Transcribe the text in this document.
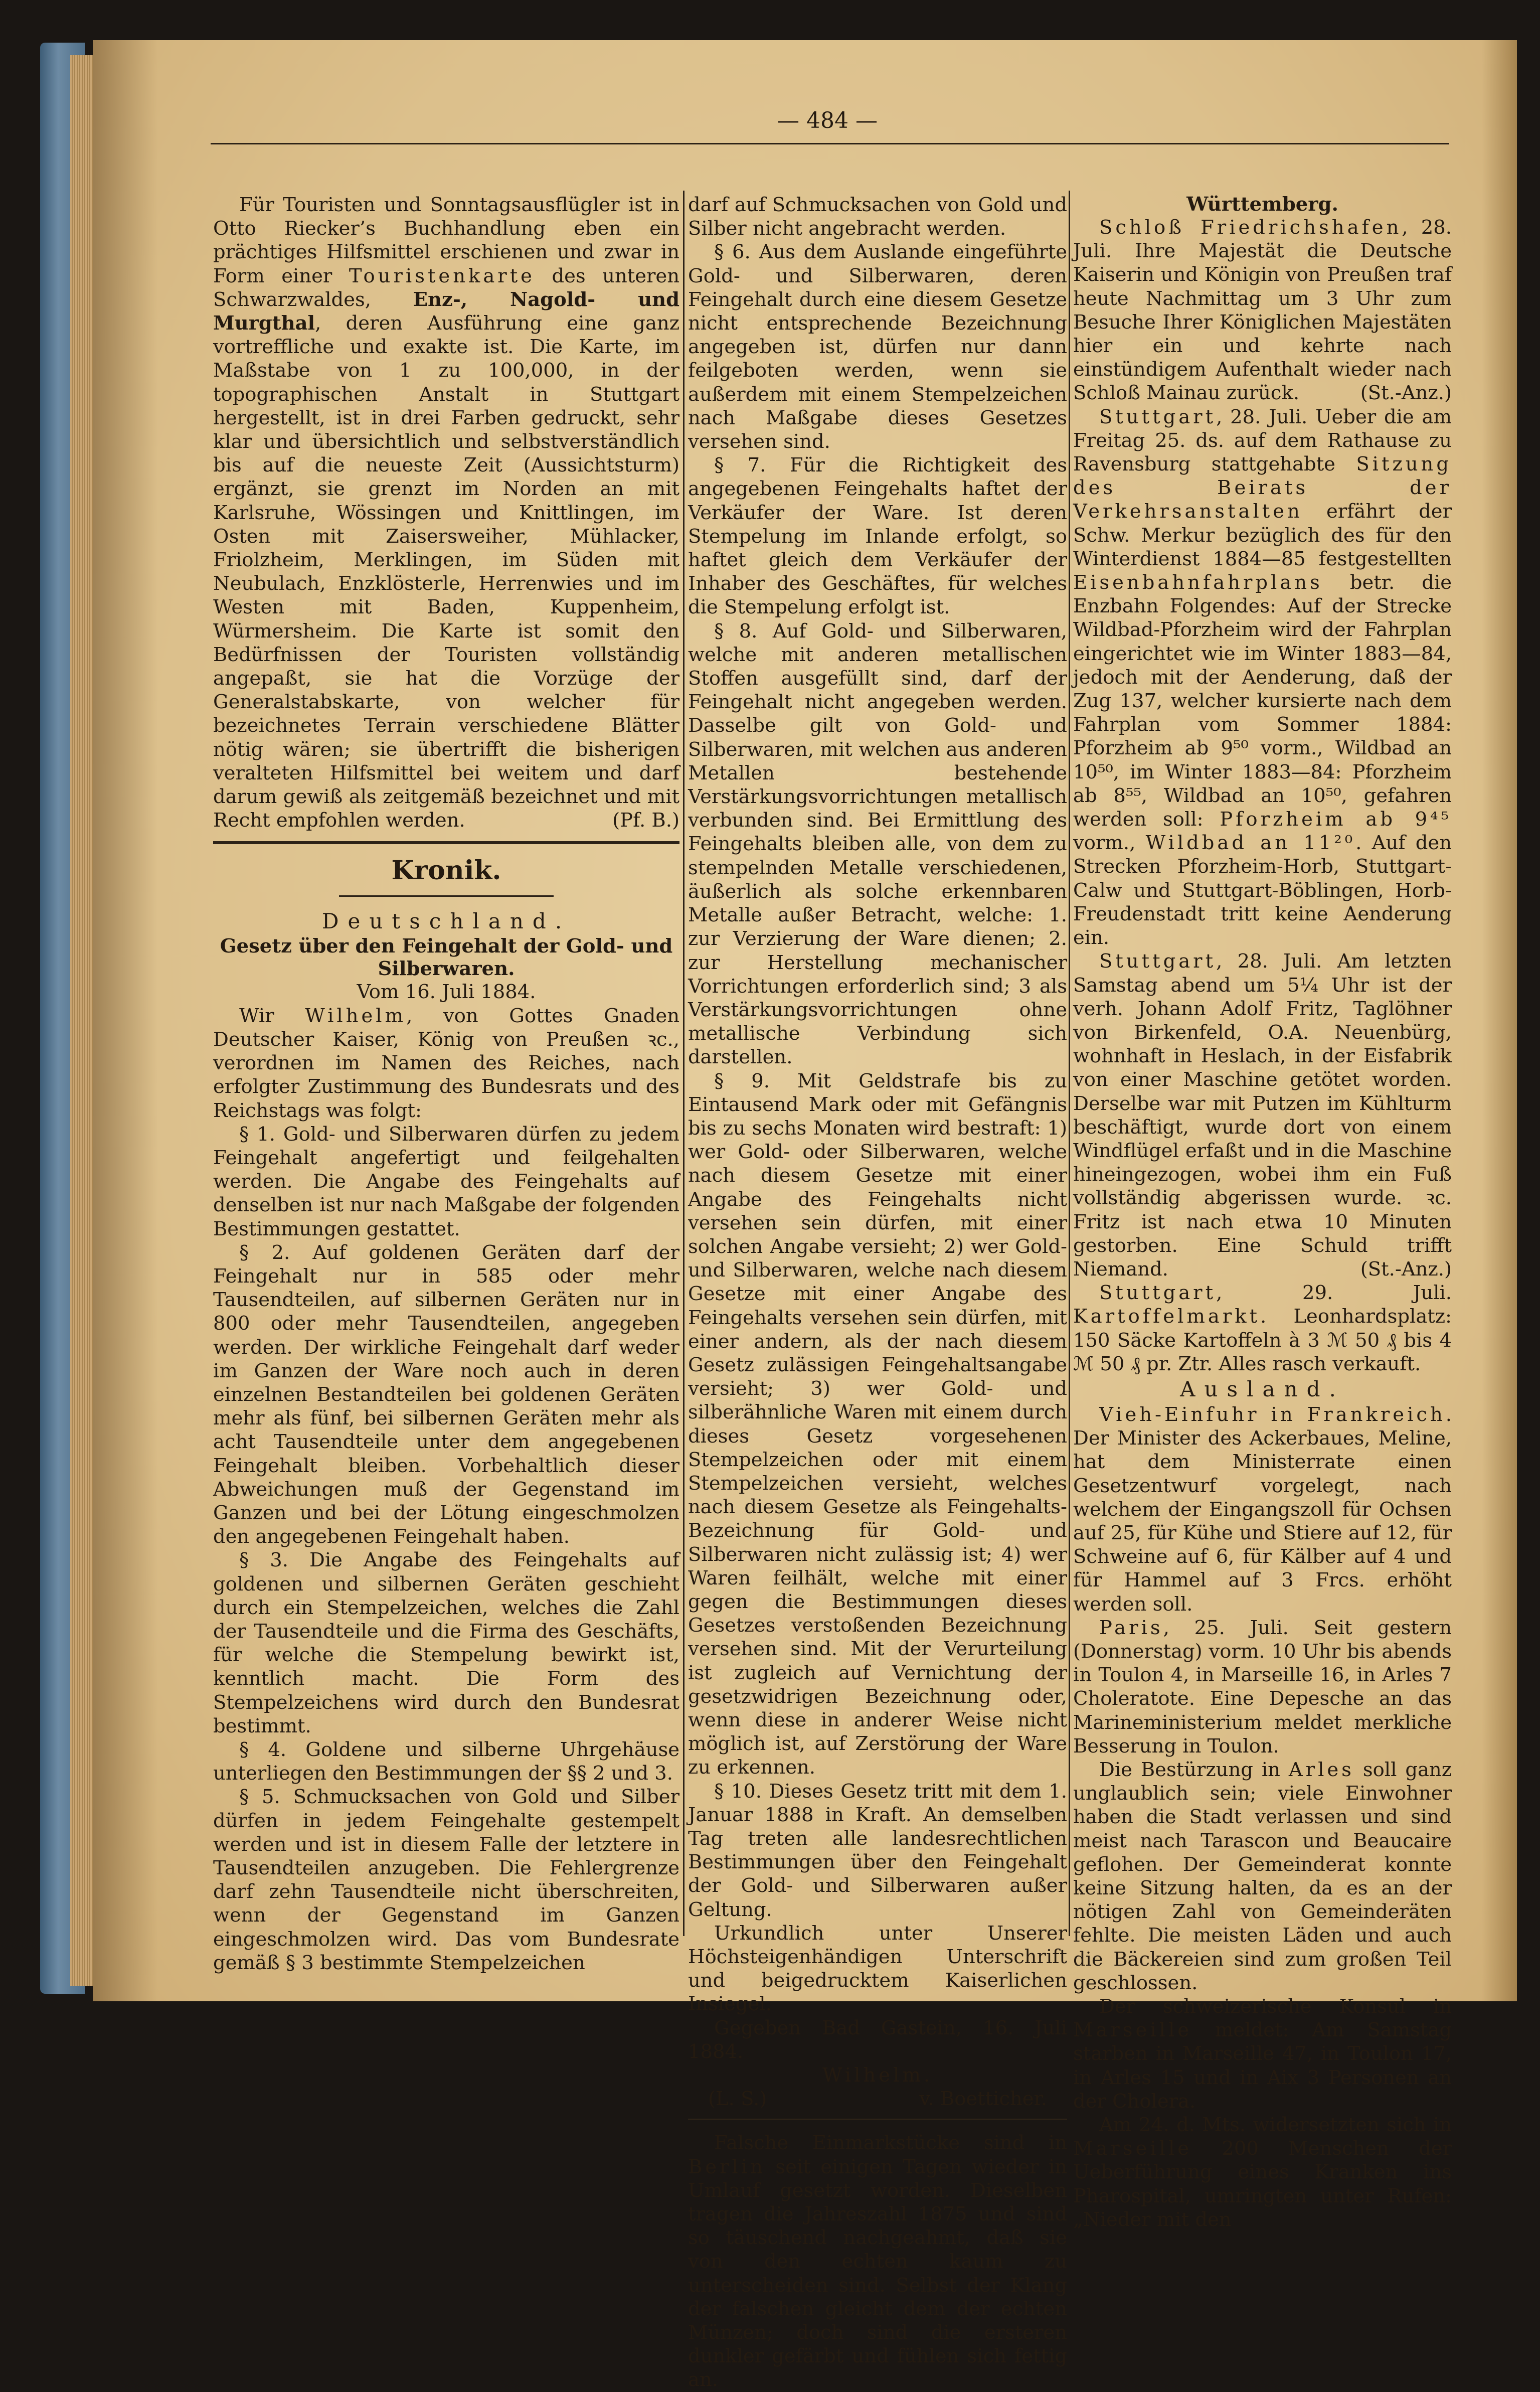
— 484 —

Für Touristen und Sonntagsausflügler ist in Otto Riecker’s Buchhandlung eben ein prächtiges Hilfsmittel erschienen und zwar in Form einer Touristenkarte des unteren Schwarzwaldes, Enz-, Nagold- und Murgthal, deren Ausführung eine ganz vortreffliche und exakte ist. Die Karte, im Maßstabe von 1 zu 100,000, in der topographischen Anstalt in Stuttgart hergestellt, ist in drei Farben gedruckt, sehr klar und übersichtlich und selbstverständlich bis auf die neueste Zeit (Aussichtsturm) ergänzt, sie grenzt im Norden an mit Karlsruhe, Wössingen und Knittlingen, im Osten mit Zaisersweiher, Mühlacker, Friolzheim, Merklingen, im Süden mit Neubulach, Enzklösterle, Herrenwies und im Westen mit Baden, Kuppenheim, Würmersheim. Die Karte ist somit den Bedürfnissen der Touristen vollständig angepaßt, sie hat die Vorzüge der Generalstabskarte, von welcher für bezeichnetes Terrain verschiedene Blätter nötig wären; sie übertrifft die bisherigen veralteten Hilfsmittel bei weitem und darf darum gewiß als zeitgemäß bezeichnet und mit Recht empfohlen werden.	(Pf. B.)

Kronik.
Deutschland.
Gesetz über den Feingehalt der Gold- und Silberwaren.
Vom 16. Juli 1884.

Wir Wilhelm, von Gottes Gnaden Deutscher Kaiser, König von Preußen ꝛc., verordnen im Namen des Reiches, nach erfolgter Zustimmung des Bundesrats und des Reichstags was folgt:

§ 1. Gold- und Silberwaren dürfen zu jedem Feingehalt angefertigt und feilgehalten werden. Die Angabe des Feingehalts auf denselben ist nur nach Maßgabe der folgenden Bestimmungen gestattet.

§ 2. Auf goldenen Geräten darf der Feingehalt nur in 585 oder mehr Tausendteilen, auf silbernen Geräten nur in 800 oder mehr Tausendteilen, angegeben werden. Der wirkliche Feingehalt darf weder im Ganzen der Ware noch auch in deren einzelnen Bestandteilen bei goldenen Geräten mehr als fünf, bei silbernen Geräten mehr als acht Tausendteile unter dem angegebenen Feingehalt bleiben. Vorbehaltlich dieser Abweichungen muß der Gegenstand im Ganzen und bei der Lötung eingeschmolzen den angegebenen Feingehalt haben.

§ 3. Die Angabe des Feingehalts auf goldenen und silbernen Geräten geschieht durch ein Stempelzeichen, welches die Zahl der Tausendteile und die Firma des Geschäfts, für welche die Stempelung bewirkt ist, kenntlich macht. Die Form des Stempelzeichens wird durch den Bundesrat bestimmt.

§ 4. Goldene und silberne Uhrgehäuse unterliegen den Bestimmungen der §§ 2 und 3.

§ 5. Schmucksachen von Gold und Silber dürfen in jedem Feingehalte gestempelt werden und ist in diesem Falle der letztere in Tausendteilen anzugeben. Die Fehlergrenze darf zehn Tausendteile nicht überschreiten, wenn der Gegenstand im Ganzen eingeschmolzen wird. Das vom Bundesrate gemäß § 3 bestimmte Stempelzeichen

darf auf Schmucksachen von Gold und Silber nicht angebracht werden.

§ 6. Aus dem Auslande eingeführte Gold- und Silberwaren, deren Feingehalt durch eine diesem Gesetze nicht entsprechende Bezeichnung angegeben ist, dürfen nur dann feilgeboten werden, wenn sie außerdem mit einem Stempelzeichen nach Maßgabe dieses Gesetzes versehen sind.

§ 7. Für die Richtigkeit des angegebenen Feingehalts haftet der Verkäufer der Ware. Ist deren Stempelung im Inlande erfolgt, so haftet gleich dem Verkäufer der Inhaber des Geschäftes, für welches die Stempelung erfolgt ist.

§ 8. Auf Gold- und Silberwaren, welche mit anderen metallischen Stoffen ausgefüllt sind, darf der Feingehalt nicht angegeben werden. Dasselbe gilt von Gold- und Silberwaren, mit welchen aus anderen Metallen bestehende Verstärkungsvorrichtungen metallisch verbunden sind. Bei Ermittlung des Feingehalts bleiben alle, von dem zu stempelnden Metalle verschiedenen, äußerlich als solche erkennbaren Metalle außer Betracht, welche: 1. zur Verzierung der Ware dienen; 2. zur Herstellung mechanischer Vorrichtungen erforderlich sind; 3 als Verstärkungsvorrichtungen ohne metallische Verbindung sich darstellen.

§ 9. Mit Geldstrafe bis zu Eintausend Mark oder mit Gefängnis bis zu sechs Monaten wird bestraft: 1) wer Gold- oder Silberwaren, welche nach diesem Gesetze mit einer Angabe des Feingehalts nicht versehen sein dürfen, mit einer solchen Angabe versieht; 2) wer Gold- und Silberwaren, welche nach diesem Gesetze mit einer Angabe des Feingehalts versehen sein dürfen, mit einer andern, als der nach diesem Gesetz zulässigen Feingehaltsangabe versieht; 3) wer Gold- und silberähnliche Waren mit einem durch dieses Gesetz vorgesehenen Stempelzeichen oder mit einem Stempelzeichen versieht, welches nach diesem Gesetze als Feingehalts-Bezeichnung für Gold- und Silberwaren nicht zulässig ist; 4) wer Waren feilhält, welche mit einer gegen die Bestimmungen dieses Gesetzes verstoßenden Bezeichnung versehen sind. Mit der Verurteilung ist zugleich auf Vernichtung der gesetzwidrigen Bezeichnung oder, wenn diese in anderer Weise nicht möglich ist, auf Zerstörung der Ware zu erkennen.

§ 10. Dieses Gesetz tritt mit dem 1. Januar 1888 in Kraft. An demselben Tag treten alle landesrechtlichen Bestimmungen über den Feingehalt der Gold- und Silberwaren außer Geltung.

Urkundlich unter Unserer Höchsteigenhändigen Unterschrift und beigedrucktem Kaiserlichen Insiegel.

Gegeben Bad Gastein, 16. Juli 1884.

Wilhelm.
(L. S.)	v. Boetticher.

Falsche Einmarkstücke sind in Berlin seit einigen Tagen wieder in Umlauf gesetzt worden. Dieselben tragen die Jahreszahl 1875 und sind so täuschend nachgeahmt, daß sie von den echten kaum zu unterscheiden sind. Selbst der Klang der falschen gleicht dem der echten Münzen; doch sind die ersteren dunkler gefärbt und fühlen sich fettig an.

Württemberg.

Schloß Friedrichshafen, 28. Juli. Ihre Majestät die Deutsche Kaiserin und Königin von Preußen traf heute Nachmittag um 3 Uhr zum Besuche Ihrer Königlichen Majestäten hier ein und kehrte nach einstündigem Aufenthalt wieder nach Schloß Mainau zurück.	(St.-Anz.)

Stuttgart, 28. Juli. Ueber die am Freitag 25. ds. auf dem Rathause zu Ravensburg stattgehabte Sitzung des Beirats der Verkehrsanstalten erfährt der Schw. Merkur bezüglich des für den Winterdienst 1884—85 festgestellten Eisenbahnfahrplans betr. die Enzbahn Folgendes: Auf der Strecke Wildbad-Pforzheim wird der Fahrplan eingerichtet wie im Winter 1883—84, jedoch mit der Aenderung, daß der Zug 137, welcher kursierte nach dem Fahrplan vom Sommer 1884: Pforzheim ab 9⁵⁰ vorm., Wildbad an 10⁵⁰, im Winter 1883—84: Pforzheim ab 8⁵⁵, Wildbad an 10⁵⁰, gefahren werden soll: Pforzheim ab 9⁴⁵ vorm., Wildbad an 11²⁰. Auf den Strecken Pforzheim-Horb, Stuttgart-Calw und Stuttgart-Böblingen, Horb-Freudenstadt tritt keine Aenderung ein.

Stuttgart, 28. Juli. Am letzten Samstag abend um 5¼ Uhr ist der verh. Johann Adolf Fritz, Taglöhner von Birkenfeld, O.A. Neuenbürg, wohnhaft in Heslach, in der Eisfabrik von einer Maschine getötet worden. Derselbe war mit Putzen im Kühlturm beschäftigt, wurde dort von einem Windflügel erfaßt und in die Maschine hineingezogen, wobei ihm ein Fuß vollständig abgerissen wurde. ꝛc. Fritz ist nach etwa 10 Minuten gestorben. Eine Schuld trifft Niemand.	(St.-Anz.)

Stuttgart, 29. Juli. Kartoffelmarkt. Leonhardsplatz: 150 Säcke Kartoffeln à 3 ℳ 50 ₰ bis 4 ℳ 50 ₰ pr. Ztr. Alles rasch verkauft.

Ausland.

Vieh-Einfuhr in Frankreich. Der Minister des Ackerbaues, Meline, hat dem Ministerrate einen Gesetzentwurf vorgelegt, nach welchem der Eingangszoll für Ochsen auf 25, für Kühe und Stiere auf 12, für Schweine auf 6, für Kälber auf 4 und für Hammel auf 3 Frcs. erhöht werden soll.

Paris, 25. Juli. Seit gestern (Donnerstag) vorm. 10 Uhr bis abends in Toulon 4, in Marseille 16, in Arles 7 Choleratote. Eine Depesche an das Marineministerium meldet merkliche Besserung in Toulon.

Die Bestürzung in Arles soll ganz unglaublich sein; viele Einwohner haben die Stadt verlassen und sind meist nach Tarascon und Beaucaire geflohen. Der Gemeinderat konnte keine Sitzung halten, da es an der nötigen Zahl von Gemeinderäten fehlte. Die meisten Läden und auch die Bäckereien sind zum großen Teil geschlossen.

Der schweizerische Konsul in Marseille meldet: Am Samstag starben in Marseille 47, in Toulon 17, in Arles 15 und in Aix 3 Personen an der Cholera.

Am 24. d. Mts. widersetzten sich in Marseille 200 Menschen der Ueberführung eines Kranken ins Pharospital, umringten unter Rufen: „Nieder mit den
